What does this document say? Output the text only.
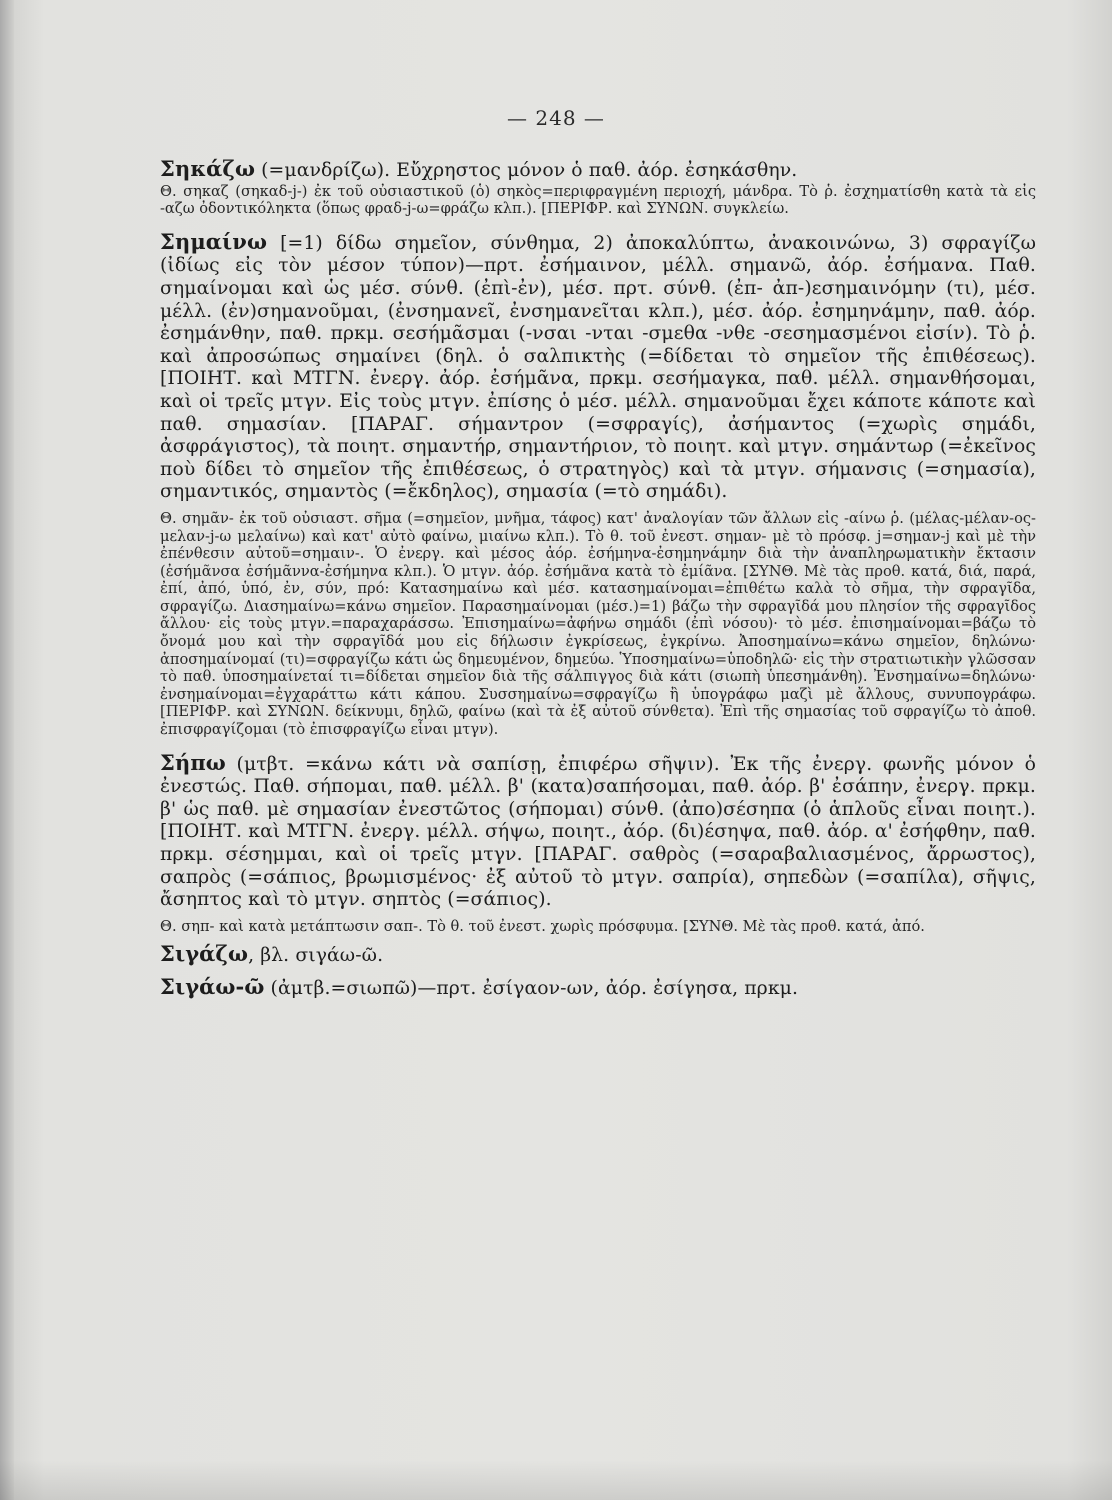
— 248 —

Σηκάζω (=μανδρίζω). Εὔχρηστος μόνον ὁ παθ. ἀόρ. ἐσηκάσθην.

Θ. σηκαζ (σηκαδ-j-) ἐκ τοῦ οὐσιαστικοῦ (ὁ) σηκὸς=περιφραγμένη περιοχή, μάνδρα. Τὸ ῥ. ἐσχηματίσθη κατὰ τὰ εἰς -αζω ὀδοντικόληκτα (ὅπως φραδ-j-ω=φράζω κλπ.). [ΠΕΡΙΦΡ. καὶ ΣΥΝΩΝ. συγκλείω.

Σημαίνω [=1) δίδω σημεῖον, σύνθημα, 2) ἀποκαλύπτω, ἀνακοινώνω, 3) σφραγίζω (ἰδίως εἰς τὸν μέσον τύπον)—πρτ. ἐσήμαινον, μέλλ. σημανῶ, ἀόρ. ἐσήμανα. Παθ. σημαίνομαι καὶ ὡς μέσ. σύνθ. (ἐπὶ-ἐν), μέσ. πρτ. σύνθ. (ἐπ- ἀπ-)εσημαινόμην (τι), μέσ. μέλλ. (ἐν)σημανοῦμαι, (ἐνσημανεῖ, ἐνσημανεῖται κλπ.), μέσ. ἀόρ. ἐσημηνάμην, παθ. ἀόρ. ἐσημάνθην, παθ. πρκμ. σεσήμᾶσμαι (-νσαι -νται -σμεθα -νθε -σεσημασμένοι εἰσίν). Τὸ ῥ. καὶ ἀπροσώπως σημαίνει (δηλ. ὁ σαλπικτὴς (=δίδεται τὸ σημεῖον τῆς ἐπιθέσεως). [ΠΟΙΗΤ. καὶ ΜΤΓΝ. ἐνεργ. ἀόρ. ἐσήμᾶνα, πρκμ. σεσήμαγκα, παθ. μέλλ. σημανθήσομαι, καὶ οἱ τρεῖς μτγν. Εἰς τοὺς μτγν. ἐπίσης ὁ μέσ. μέλλ. σημανοῦμαι ἔχει κάποτε κάποτε καὶ παθ. σημασίαν. [ΠΑΡΑΓ. σήμαντρον (=σφραγίς), ἀσήμαντος (=χωρὶς σημάδι, ἀσφράγιστος), τὰ ποιητ. σημαντήρ, σημαντήριον, τὸ ποιητ. καὶ μτγν. σημάντωρ (=ἐκεῖνος ποὺ δίδει τὸ σημεῖον τῆς ἐπιθέσεως, ὁ στρατηγὸς) καὶ τὰ μτγν. σήμανσις (=σημασία), σημαντικός, σημαντὸς (=ἔκδηλος), σημασία (=τὸ σημάδι).

Θ. σημᾶν- ἐκ τοῦ οὐσιαστ. σῆμα (=σημεῖον, μνῆμα, τάφος) κατ' ἀναλογίαν τῶν ἄλλων εἰς -αίνω ῥ. (μέλας-μέλαν-ος-μελαν-j-ω μελαίνω) καὶ κατ' αὐτὸ φαίνω, μιαίνω κλπ.). Τὸ θ. τοῦ ἐνεστ. σημαν- μὲ τὸ πρόσφ. j=σημαν-j καὶ μὲ τὴν ἐπένθεσιν αὐτοῦ=σημαιν-. Ὁ ἐνεργ. καὶ μέσος ἀόρ. ἐσήμηνα-ἐσημηνάμην διὰ τὴν ἀναπληρωματικὴν ἔκτασιν (ἐσήμᾶνσα ἐσήμᾶννα-ἐσήμηνα κλπ.). Ὁ μτγν. ἀόρ. ἐσήμᾶνα κατὰ τὸ ἐμίᾶνα. [ΣΥΝΘ. Μὲ τὰς προθ. κατά, διά, παρά, ἐπί, ἀπό, ὑπό, ἐν, σύν, πρό: Κατασημαίνω καὶ μέσ. κατασημαίνομαι=ἐπιθέτω καλὰ τὸ σῆμα, τὴν σφραγῖδα, σφραγίζω. Διασημαίνω=κάνω σημεῖον. Παρασημαίνομαι (μέσ.)=1) βάζω τὴν σφραγῖδά μου πλησίον τῆς σφραγῖδος ἄλλου· εἰς τοὺς μτγν.=παραχαράσσω. Ἐπισημαίνω=ἀφήνω σημάδι (ἐπὶ νόσου)· τὸ μέσ. ἐπισημαίνομαι=βάζω τὸ ὄνομά μου καὶ τὴν σφραγῖδά μου εἰς δήλωσιν ἐγκρίσεως, ἐγκρίνω. Ἀποσημαίνω=κάνω σημεῖον, δηλώνω· ἀποσημαίνομαί (τι)=σφραγίζω κάτι ὡς δημευμένον, δημεύω. Ὑποσημαίνω=ὑποδηλῶ· εἰς τὴν στρατιωτικὴν γλῶσσαν τὸ παθ. ὑποσημαίνεταί τι=δίδεται σημεῖον διὰ τῆς σάλπιγγος διὰ κάτι (σιωπὴ ὑπεσημάνθη). Ἐνσημαίνω=δηλώνω· ἐνσημαίνομαι=ἐγχαράττω κάτι κάπου. Συσσημαίνω=σφραγίζω ἢ ὑπογράφω μαζὶ μὲ ἄλλους, συνυπογράφω. [ΠΕΡΙΦΡ. καὶ ΣΥΝΩΝ. δείκνυμι, δηλῶ, φαίνω (καὶ τὰ ἐξ αὐτοῦ σύνθετα). Ἐπὶ τῆς σημασίας τοῦ σφραγίζω τὸ ἀποθ. ἐπισφραγίζομαι (τὸ ἐπισφραγίζω εἶναι μτγν).

Σήπω (μτβτ. =κάνω κάτι νὰ σαπίσῃ, ἐπιφέρω σῆψιν). Ἐκ τῆς ἐνεργ. φωνῆς μόνον ὁ ἐνεστώς. Παθ. σήπομαι, παθ. μέλλ. β' (κατα)σαπήσομαι, παθ. ἀόρ. β' ἐσάπην, ἐνεργ. πρκμ. β' ὡς παθ. μὲ σημασίαν ἐνεστῶτος (σήπομαι) σύνθ. (ἀπο)σέσηπα (ὁ ἁπλοῦς εἶναι ποιητ.). [ΠΟΙΗΤ. καὶ ΜΤΓΝ. ἐνεργ. μέλλ. σήψω, ποιητ., ἀόρ. (δι)έσηψα, παθ. ἀόρ. α' ἐσήφθην, παθ. πρκμ. σέσημμαι, καὶ οἱ τρεῖς μτγν. [ΠΑΡΑΓ. σαθρὸς (=σαραβαλιασμένος, ἄρρωστος), σαπρὸς (=σάπιος, βρωμισμένος· ἐξ αὐτοῦ τὸ μτγν. σαπρία), σηπεδὼν (=σαπίλα), σῆψις, ἄσηπτος καὶ τὸ μτγν. σηπτὸς (=σάπιος).

Θ. σηπ- καὶ κατὰ μετάπτωσιν σαπ-. Τὸ θ. τοῦ ἐνεστ. χωρὶς πρόσφυμα. [ΣΥΝΘ. Μὲ τὰς προθ. κατά, ἀπό.

Σιγάζω, βλ. σιγάω-ῶ.

Σιγάω-ῶ (ἀμτβ.=σιωπῶ)—πρτ. ἐσίγαον-ων, ἀόρ. ἐσίγησα, πρκμ.
